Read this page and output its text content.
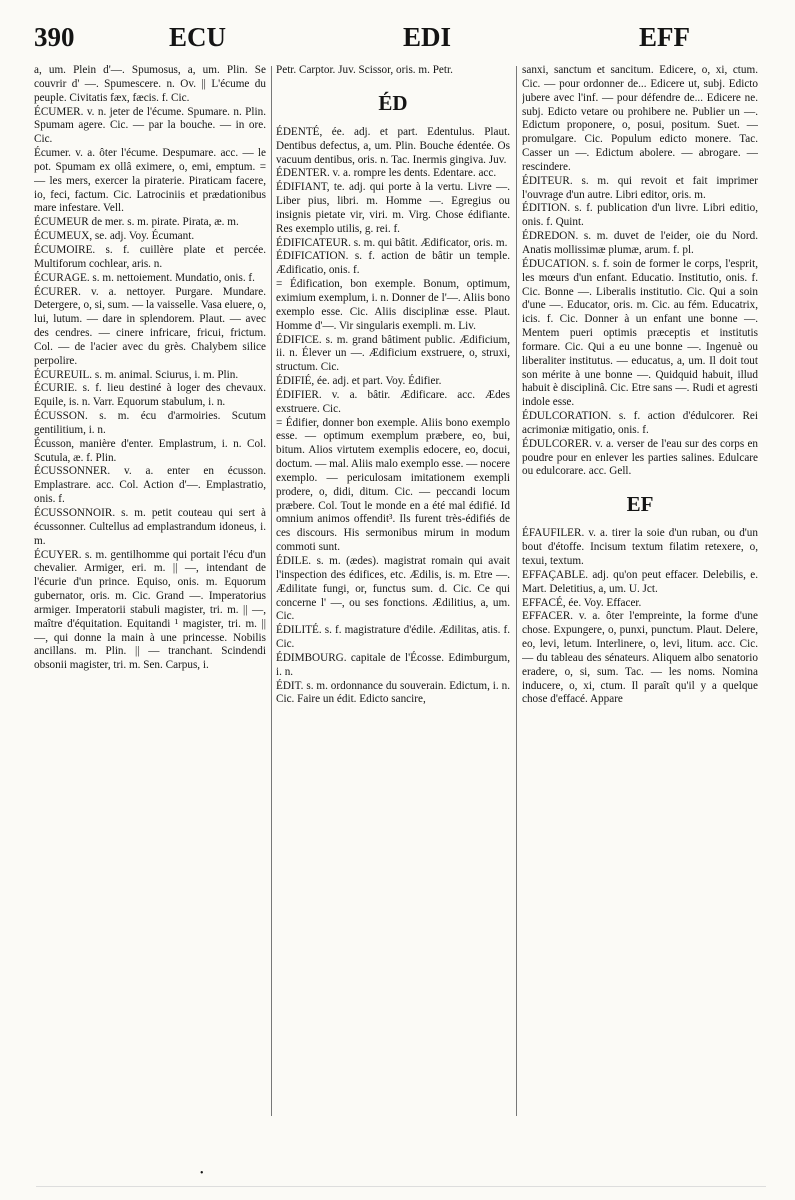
390	ECU	EDI	EFF

a, um. Plein d'—. Spumosus, a, um. Plin. Se couvrir d' —. Spumescere. n. Ov. || L'écume du peuple. Civitatis fæx, fæcis. f. Cic.

ÉCUMER. v. n. jeter de l'écume. Spumare. n. Plin. Spumam agere. Cic. — par la bouche. — in ore. Cic.

Écumer. v. a. ôter l'écume. Despumare. acc. — le pot. Spumam ex ollâ eximere, o, emi, emptum. = — les mers, exercer la piraterie. Piraticam facere, io, feci, factum. Cic. Latrociniis et prædationibus mare infestare. Vell.

ÉCUMEUR de mer. s. m. pirate. Pirata, æ. m.

ÉCUMEUX, se. adj. Voy. Écumant.

ÉCUMOIRE. s. f. cuillère plate et percée. Multiforum cochlear, aris. n.

ÉCURAGE. s. m. nettoiement. Mundatio, onis. f.

ÉCURER. v. a. nettoyer. Purgare. Mundare. Detergere, o, si, sum. — la vaisselle. Vasa eluere, o, lui, lutum. — dare in splendorem. Plaut. — avec des cendres. — cinere infricare, fricui, frictum. Col. — de l'acier avec du grès. Chalybem silice perpolire.

ÉCUREUIL. s. m. animal. Sciurus, i. m. Plin.

ÉCURIE. s. f. lieu destiné à loger des chevaux. Equile, is. n. Varr. Equorum stabulum, i. n.

ÉCUSSON. s. m. écu d'armoiries. Scutum gentilitium, i. n.

Écusson, manière d'enter. Emplastrum, i. n. Col. Scutula, æ. f. Plin.

ÉCUSSONNER. v. a. enter en écusson. Emplastrare. acc. Col. Action d'—. Emplastratio, onis. f.

ÉCUSSONNOIR. s. m. petit couteau qui sert à écussonner. Cultellus ad emplastrandum idoneus, i. m.

ÉCUYER. s. m. gentilhomme qui portait l'écu d'un chevalier. Armiger, eri. m. || —, intendant de l'écurie d'un prince. Equiso, onis. m. Equorum gubernator, oris. m. Cic. Grand —. Imperatorius armiger. Imperatorii stabuli magister, tri. m. || —, maître d'équitation. Equitandi ¹ magister, tri. m. || —, qui donne la main à une princesse. Nobilis ancillans. m. Plin. || — tranchant. Scindendi obsonii magister, tri. m. Sen. Carpus, i.

Petr. Carptor. Juv. Scissor, oris. m. Petr.

ÉD

ÉDENTÉ, ée. adj. et part. Edentulus. Plaut. Dentibus defectus, a, um. Plin. Bouche édentée. Os vacuum dentibus, oris. n. Tac. Inermis gingiva. Juv.

ÉDENTER. v. a. rompre les dents. Edentare. acc.

ÉDIFIANT, te. adj. qui porte à la vertu. Livre —. Liber pius, libri. m. Homme —. Egregius ou insignis pietate vir, viri. m. Virg. Chose édifiante. Res exemplo utilis, g. rei. f.

ÉDIFICATEUR. s. m. qui bâtit. Ædificator, oris. m.

ÉDIFICATION. s. f. action de bâtir un temple. Ædificatio, onis. f.

= Édification, bon exemple. Bonum, optimum, eximium exemplum, i. n. Donner de l'—. Aliis bono exemplo esse. Cic. Aliis disciplinæ esse. Plaut. Homme d'—. Vir singularis exempli. m. Liv.

ÉDIFICE. s. m. grand bâtiment public. Ædificium, ii. n. Élever un —. Ædificium exstruere, o, struxi, structum. Cic.

ÉDIFIÉ, ée. adj. et part. Voy. Édifier.

ÉDIFIER. v. a. bâtir. Ædificare. acc. Ædes exstruere. Cic.

= Édifier, donner bon exemple. Aliis bono exemplo esse. — optimum exemplum præbere, eo, bui, bitum. Alios virtutem exemplis edocere, eo, docui, doctum. — mal. Aliis malo exemplo esse. — nocere exemplo. — periculosam imitationem exempli prodere, o, didi, ditum. Cic. — peccandi locum præbere. Col. Tout le monde en a été mal édifié. Id omnium animos offendit³. Ils furent très-édifiés de ces discours. His sermonibus mirum in modum commoti sunt.

ÉDILE. s. m. (ædes). magistrat romain qui avait l'inspection des édifices, etc. Ædilis, is. m. Etre —. Ædilitate fungi, or, functus sum. d. Cic. Ce qui concerne l' —, ou ses fonctions. Ædilitius, a, um. Cic.

ÉDILITÉ. s. f. magistrature d'édile. Ædilitas, atis. f. Cic.

ÉDIMBOURG. capitale de l'Écosse. Edimburgum, i. n.

ÉDIT. s. m. ordonnance du souverain. Edictum, i. n. Cic. Faire un édit. Edicto sancire,

sanxi, sanctum et sancitum. Edicere, o, xi, ctum. Cic. — pour ordonner de... Edicere ut, subj. Edicto jubere avec l'inf. — pour défendre de... Edicere ne. subj. Edicto vetare ou prohibere ne. Publier un —. Edictum proponere, o, posui, positum. Suet. — promulgare. Cic. Populum edicto monere. Tac. Casser un —. Edictum abolere. — abrogare. — rescindere.

ÉDITEUR. s. m. qui revoit et fait imprimer l'ouvrage d'un autre. Libri editor, oris. m.

ÉDITION. s. f. publication d'un livre. Libri editio, onis. f. Quint.

ÉDREDON. s. m. duvet de l'eider, oie du Nord. Anatis mollissimæ plumæ, arum. f. pl.

ÉDUCATION. s. f. soin de former le corps, l'esprit, les mœurs d'un enfant. Educatio. Institutio, onis. f. Cic. Bonne —. Liberalis institutio. Cic. Qui a soin d'une —. Educator, oris. m. Cic. au fém. Educatrix, icis. f. Cic. Donner à un enfant une bonne —. Mentem pueri optimis præceptis et institutis formare. Cic. Qui a eu une bonne —. Ingenuè ou liberaliter institutus. — educatus, a, um. Il doit tout son mérite à une bonne —. Quidquid habuit, illud habuit è disciplinâ. Cic. Etre sans —. Rudi et agresti indole esse.

ÉDULCORATION. s. f. action d'édulcorer. Rei acrimoniæ mitigatio, onis. f.

ÉDULCORER. v. a. verser de l'eau sur des corps en poudre pour en enlever les parties salines. Edulcare ou edulcorare. acc. Gell.

EF

ÉFAUFILER. v. a. tirer la soie d'un ruban, ou d'un bout d'étoffe. Incisum textum filatim retexere, o, texui, textum.

EFFAÇABLE. adj. qu'on peut effacer. Delebilis, e. Mart. Deletitius, a, um. U. Jct.

EFFACÉ, ée. Voy. Effacer.

EFFACER. v. a. ôter l'empreinte, la forme d'une chose. Expungere, o, punxi, punctum. Plaut. Delere, eo, levi, letum. Interlinere, o, levi, litum. acc. Cic. — du tableau des sénateurs. Aliquem albo senatorio eradere, o, si, sum. Tac. — les noms. Nomina inducere, o, xi, ctum. Il paraît qu'il y a quelque chose d'effacé. Appare

•
